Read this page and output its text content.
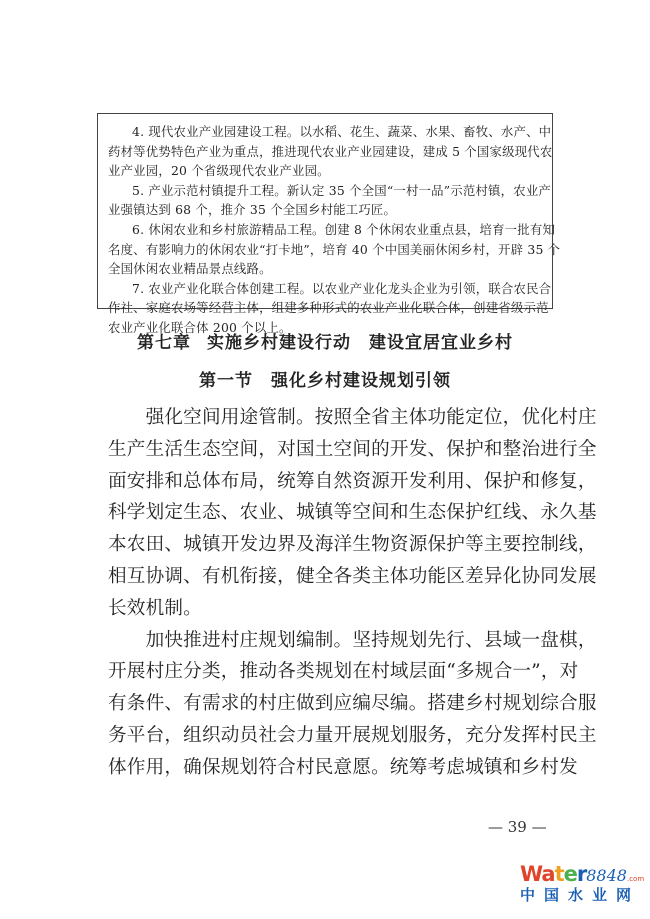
4. 现代农业产业园建设工程。以水稻、花生、蔬菜、水果、畜牧、水产、中
药材等优势特色产业为重点，推进现代农业产业园建设，建成 5 个国家级现代农
业产业园，20 个省级现代农业产业园。
5. 产业示范村镇提升工程。新认定 35 个全国“一村一品”示范村镇，农业产
业强镇达到 68 个，推介 35 个全国乡村能工巧匠。
6. 休闲农业和乡村旅游精品工程。创建 8 个休闲农业重点县，培育一批有知
名度、有影响力的休闲农业“打卡地”，培育 40 个中国美丽休闲乡村，开辟 35 个
全国休闲农业精品景点线路。
7. 农业产业化联合体创建工程。以农业产业化龙头企业为引领，联合农民合
作社、家庭农场等经营主体，组建多种形式的农业产业化联合体，创建省级示范
农业产业化联合体 200 个以上。
第七章 实施乡村建设行动　建设宜居宜业乡村
第一节　 强化乡村建设规划引领
　　强化空间用途管制。按照全省主体功能定位，优化村庄
生产生活生态空间，对国土空间的开发、保护和整治进行全
面安排和总体布局，统筹自然资源开发利用、保护和修复，
科学划定生态、农业、城镇等空间和生态保护红线、永久基
本农田、城镇开发边界及海洋生物资源保护等主要控制线，
相互协调、有机衔接，健全各类主体功能区差异化协同发展
长效机制。
　　加快推进村庄规划编制。坚持规划先行、县域一盘棋，
开展村庄分类，推动各类规划在村域层面“多规合一”，对
有条件、有需求的村庄做到应编尽编。搭建乡村规划综合服
务平台，组织动员社会力量开展规划服务，充分发挥村民主
体作用，确保规划符合村民意愿。统筹考虑城镇和乡村发
— 39 —
Water8848.com
中国水业网
